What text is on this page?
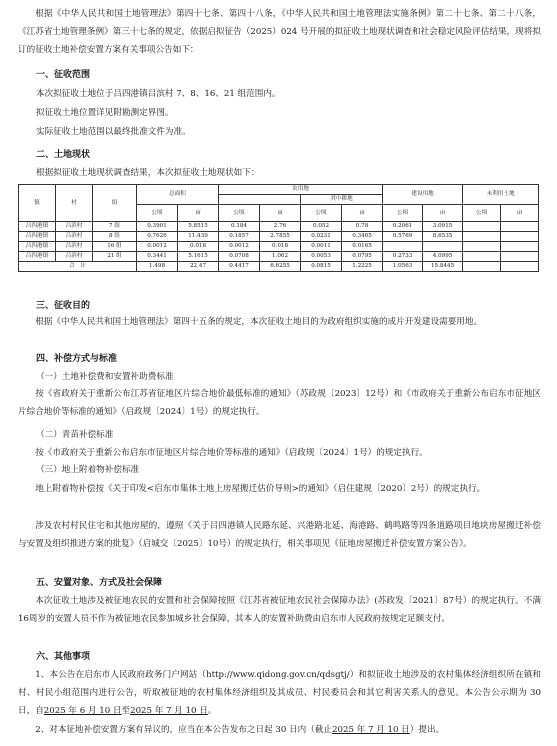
根据《中华人民共和国土地管理法》第四十七条、第四十八条，《中华人民共和国土地管理法实施条例》第二十七条、第二十八条，《江苏省土地管理条例》第三十七条的规定，依据启拟征告（2025）024 号开展的拟征收土地现状调查和社会稳定风险评估结果，现将拟订的征收土地补偿安置方案有关事项公告如下：
一、征收范围
本次拟征收土地位于吕四港镇吕滨村 7、8、16、21 组范围内。
拟征收土地位置详见附勘测定界图。
实际征收土地范围以最终批准文件为准。
二、土地现状
根据拟征收土地现状调查结果，本次拟征收土地现状如下：
镇	村	组	总面积		农用地				建设用地		未利用土地	
							其中耕地					
			公顷	亩	公顷	亩	公顷	亩	公顷	亩	公顷	亩
吕四港镇	吕滨村	7 组	0.3901	5.8515	0.184	2.76	0.052	0.78	0.2061	3.0915		
吕四港镇	吕滨村	8 组	0.7626	11.439	0.1857	2.7855	0.0231	0.3465	0.5769	8.6535		
吕四港镇	吕滨村	16 组	0.0012	0.018	0.0012	0.018	0.0011	0.0165				
吕四港镇	吕滨村	21 组	0.3441	5.1615	0.0708	1.062	0.0053	0.0795	0.2733	4.0995		
合　计			1.498	22.47	0.4417	6.6255	0.0815	1.2225	1.0563	15.8445		
三、征收目的
根据《中华人民共和国土地管理法》第四十五条的规定，本次征收土地目的为政府组织实施的成片开发建设需要用地。
四、补偿方式与标准
（一）土地补偿费和安置补助费标准
按《省政府关于重新公布江苏省征地区片综合地价最低标准的通知》（苏政规〔2023〕12号）和《市政府关于重新公布启东市征地区片综合地价等标准的通知》（启政规〔2024〕1号）的规定执行。
（二）青苗补偿标准
按《市政府关于重新公布启东市征地区片综合地价等标准的通知》（启政规〔2024〕1号）的规定执行。
（三）地上附着物补偿标准
地上附着物补偿按《关于印发<启东市集体土地上房屋搬迁估价导则>的通知》（启住建规〔2020〕2号）的规定执行。
涉及农村村民住宅和其他房屋的，遵照《关于吕四港镇人民路东延、兴港路北延、海港路、鹤鸣路等四条道路项目地块房屋搬迁补偿与安置及组织推进方案的批复》（启城交〔2025〕10号）的规定执行，相关事项见《征地房屋搬迁补偿安置方案公告》。
五、安置对象、方式及社会保障
本次征收土地涉及被征地农民的安置和社会保障按照《江苏省被征地农民社会保障办法》(苏政发〔2021〕87号）的规定执行。不满16周岁的安置人员不作为被征地农民参加城乡社会保障，其本人的安置补助费由启东市人民政府按规定足额支付。
六、其他事项
1、本公告在启东市人民政府政务门户网站（http://www.qidong.gov.cn/qdsgtj/）和拟征收土地涉及的农村集体经济组织所在镇和村、村民小组范围内进行公告，听取被征地的农村集体经济组织及其成员、村民委员会和其它利害关系人的意见。本公告公示期为 30 日，自2025 年 6 月 10 日至2025 年 7 月 10 日。
2、对本征地补偿安置方案有异议的，应当在本公告发布之日起 30 日内（截止2025 年 7 月 10 日）提出。
